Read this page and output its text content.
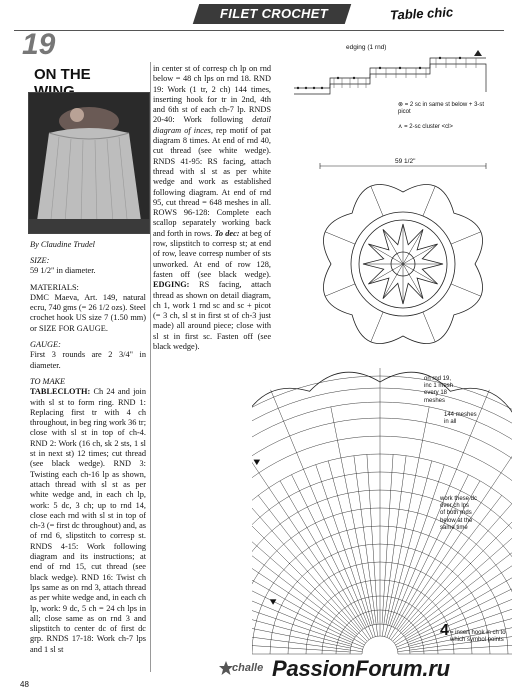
FILET CROCHET	Table chic
19
ON THE
By Claudine Trudel

SIZE:
59 1/2" in diameter.

MATERIALS:
DMC Maeva, Art. 149, natural ecru, 740 gms (= 26 1/2 ozs). Steel crochet hook US size 7 (1.50 mm) or SIZE FOR GAUGE.

GAUGE:
First 3 rounds are 2 3/4" in diameter.

TO MAKE
TABLECLOTH: Ch 24 and join with sl st to form ring. RND 1: Replacing first tr with 4 ch throughout, in beg ring work 36 tr; close with sl st in top of ch-4. RND 2: Work (16 ch, sk 2 sts, 1 sl st in next st) 12 times; cut thread (see black wedge). RND 3: Twisting each ch-16 lp as shown, attach thread with sl st as per white wedge and, in each ch lp, work: 5 dc, 3 ch; up to rnd 14, close each rnd with sl st in top of ch-3 (= first dc throughout) and, as of rnd 6, slipstitch to corresp st. RNDS 4-15: Work following diagram and its instructions; at end of rnd 15, cut thread (see black wedge). RND 16: Twist ch lps same as on rnd 3, attach thread as per white wedge and, in each ch lp, work: 9 dc, 5 ch = 24 ch lps in all; close same as on rnd 3 and slipstitch to center dc of first dc grp. RNDS 17-18: Work ch-7 lps and 1 sl st

in center st of corresp ch lp on rnd below = 48 ch lps on rnd 18. RND 19: Work (1 tr, 2 ch) 144 times, inserting hook for tr in 2nd, 4th and 6th st of each ch-7 lp. RNDS 20-40: Work following detail diagram of inces, rep motif of pat diagram 8 times. At end of rnd 40, cut thread (see white wedge). RNDS 41-95: RS facing, attach thread with sl st as per white wedge and work as established following diagram. At end of rnd 95, cut thread = 648 meshes in all. ROWS 96-128: Complete each scallop separately working back and forth in rows. To dec: at beg of row, slipstitch to corresp st; at end of row, leave corresp number of sts unworked. At end of row 128, fasten off (see black wedge). EDGING: RS facing, attach thread as shown on detail diagram, ch 1, work 1 rnd sc and sc + picot (= 3 ch, sl st in first st of ch-3 just made) all around piece; close with sl st in first sc. Fasten off (see black wedge).

edging (1 rnd)
⊗ = 2 sc in same st below + 3-st picot
⋏ = 2-sc cluster <cl>
59 1/2"
on rnd 19,
inc 1 mesh
every 18
meshes
144 meshes
in all
work these dc
over ch lps
of both rnds
below at the
same time
4 = insert hook in ch to
which symbol points
48
challe PassionForum.ru
